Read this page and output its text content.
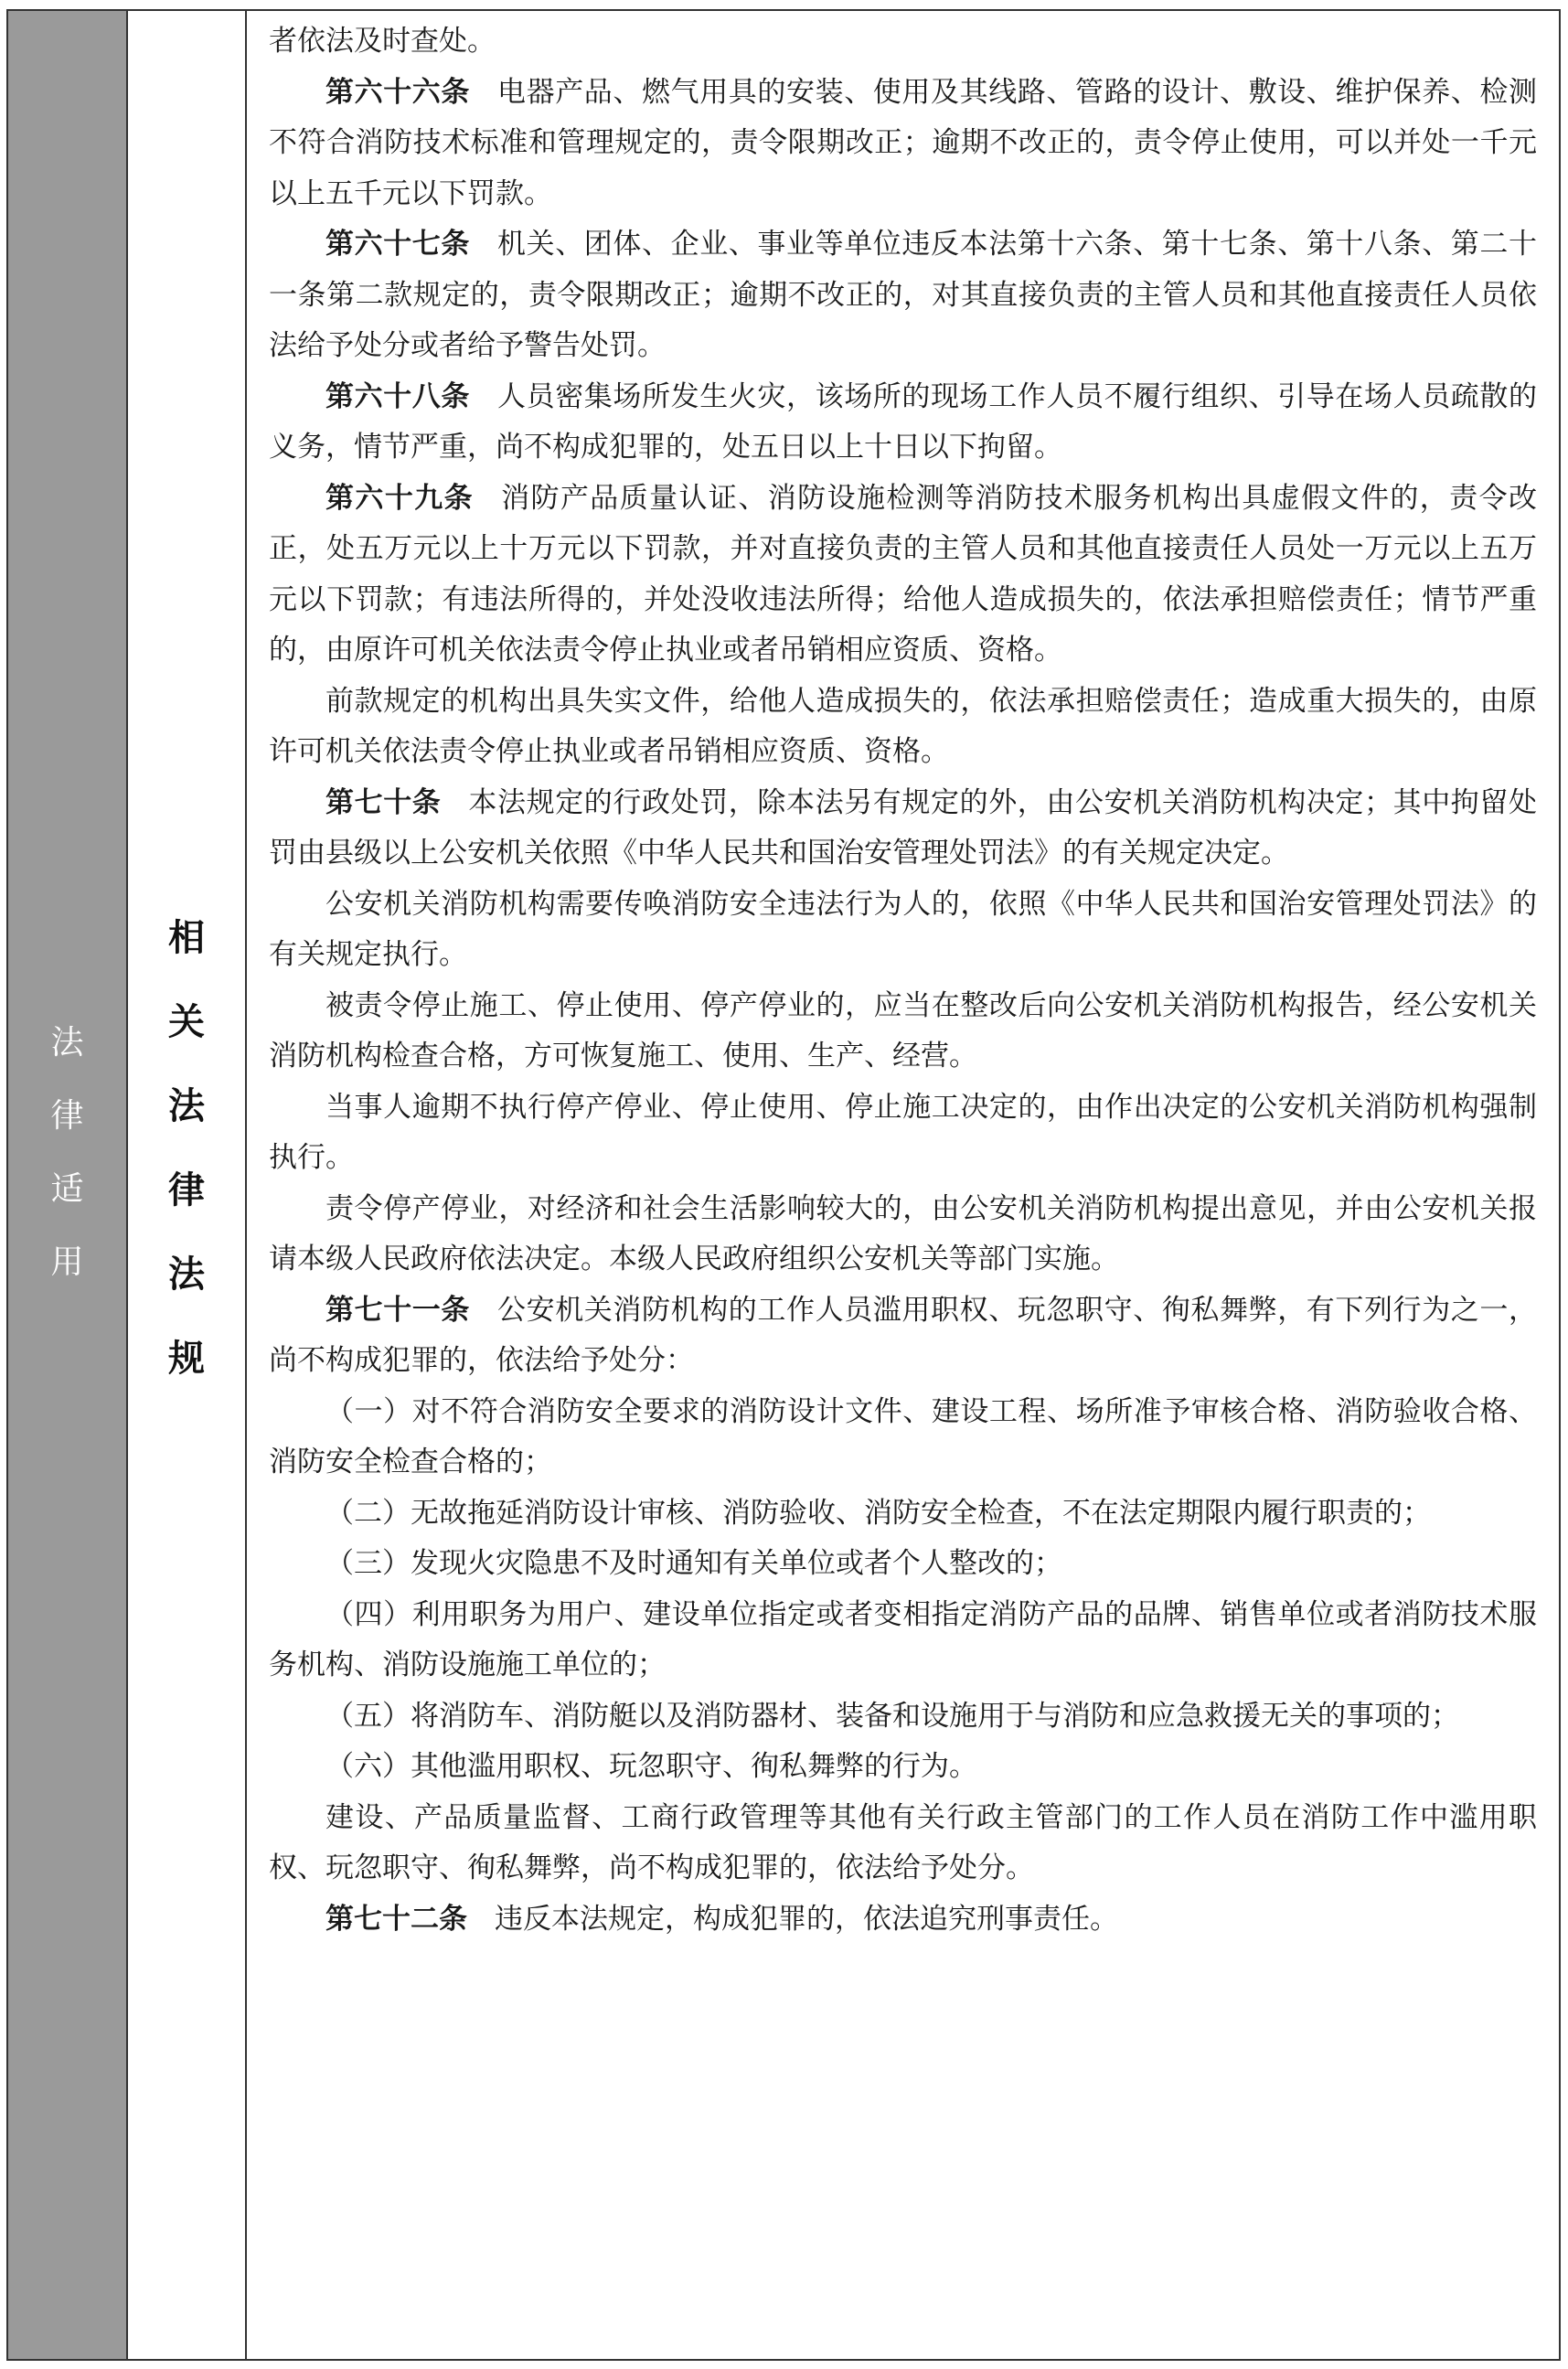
法
律
适
用
相
关
法
律
法
规

者依法及时查处。

第六十六条 电器产品、燃气用具的安装、使用及其线路、管路的设计、敷设、维护保养、检测不符合消防技术标准和管理规定的，责令限期改正；逾期不改正的，责令停止使用，可以并处一千元以上五千元以下罚款。

第六十七条 机关、团体、企业、事业等单位违反本法第十六条、第十七条、第十八条、第二十一条第二款规定的，责令限期改正；逾期不改正的，对其直接负责的主管人员和其他直接责任人员依法给予处分或者给予警告处罚。

第六十八条 人员密集场所发生火灾，该场所的现场工作人员不履行组织、引导在场人员疏散的义务，情节严重，尚不构成犯罪的，处五日以上十日以下拘留。

第六十九条 消防产品质量认证、消防设施检测等消防技术服务机构出具虚假文件的，责令改正，处五万元以上十万元以下罚款，并对直接负责的主管人员和其他直接责任人员处一万元以上五万元以下罚款；有违法所得的，并处没收违法所得；给他人造成损失的，依法承担赔偿责任；情节严重的，由原许可机关依法责令停止执业或者吊销相应资质、资格。

前款规定的机构出具失实文件，给他人造成损失的，依法承担赔偿责任；造成重大损失的，由原许可机关依法责令停止执业或者吊销相应资质、资格。

第七十条 本法规定的行政处罚，除本法另有规定的外，由公安机关消防机构决定；其中拘留处罚由县级以上公安机关依照《中华人民共和国治安管理处罚法》的有关规定决定。

公安机关消防机构需要传唤消防安全违法行为人的，依照《中华人民共和国治安管理处罚法》的有关规定执行。

被责令停止施工、停止使用、停产停业的，应当在整改后向公安机关消防机构报告，经公安机关消防机构检查合格，方可恢复施工、使用、生产、经营。

当事人逾期不执行停产停业、停止使用、停止施工决定的，由作出决定的公安机关消防机构强制执行。

责令停产停业，对经济和社会生活影响较大的，由公安机关消防机构提出意见，并由公安机关报请本级人民政府依法决定。本级人民政府组织公安机关等部门实施。

第七十一条 公安机关消防机构的工作人员滥用职权、玩忽职守、徇私舞弊，有下列行为之一，尚不构成犯罪的，依法给予处分：

（一）对不符合消防安全要求的消防设计文件、建设工程、场所准予审核合格、消防验收合格、消防安全检查合格的；

（二）无故拖延消防设计审核、消防验收、消防安全检查，不在法定期限内履行职责的；

（三）发现火灾隐患不及时通知有关单位或者个人整改的；

（四）利用职务为用户、建设单位指定或者变相指定消防产品的品牌、销售单位或者消防技术服务机构、消防设施施工单位的；

（五）将消防车、消防艇以及消防器材、装备和设施用于与消防和应急救援无关的事项的；

（六）其他滥用职权、玩忽职守、徇私舞弊的行为。

建设、产品质量监督、工商行政管理等其他有关行政主管部门的工作人员在消防工作中滥用职权、玩忽职守、徇私舞弊，尚不构成犯罪的，依法给予处分。

第七十二条 违反本法规定，构成犯罪的，依法追究刑事责任。
